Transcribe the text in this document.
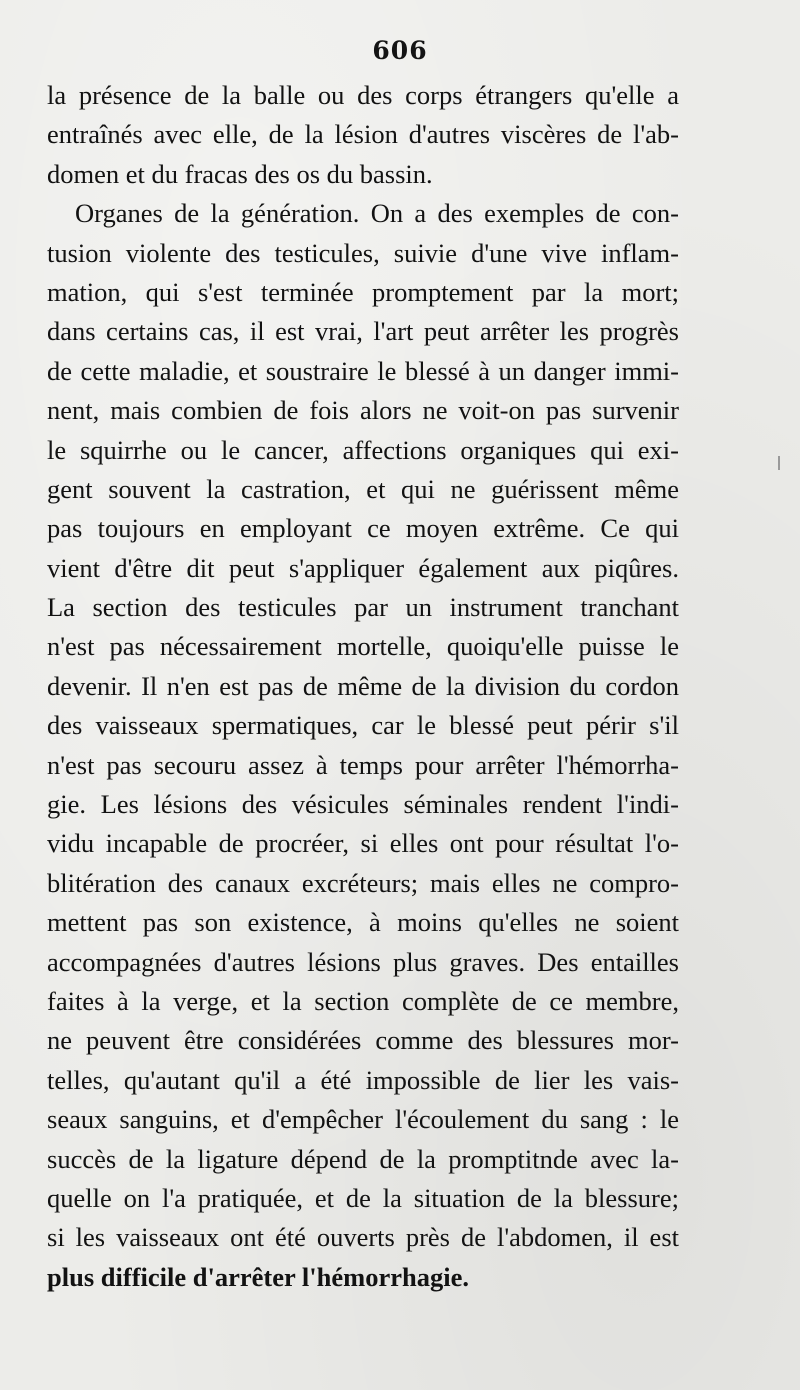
606
la présence de la balle ou des corps étrangers qu'elle a
entraînés avec elle, de la lésion d'autres viscères de l'ab-
domen et du fracas des os du bassin.
Organes de la génération. On a des exemples de con-
tusion violente des testicules, suivie d'une vive inflam-
mation, qui s'est terminée promptement par la mort;
dans certains cas, il est vrai, l'art peut arrêter les progrès
de cette maladie, et soustraire le blessé à un danger immi-
nent, mais combien de fois alors ne voit-on pas survenir
le squirrhe ou le cancer, affections organiques qui exi-
gent souvent la castration, et qui ne guérissent même
pas toujours en employant ce moyen extrême. Ce qui
vient d'être dit peut s'appliquer également aux piqûres.
La section des testicules par un instrument tranchant
n'est pas nécessairement mortelle, quoiqu'elle puisse le
devenir. Il n'en est pas de même de la division du cordon
des vaisseaux spermatiques, car le blessé peut périr s'il
n'est pas secouru assez à temps pour arrêter l'hémorrha-
gie. Les lésions des vésicules séminales rendent l'indi-
vidu incapable de procréer, si elles ont pour résultat l'o-
blitération des canaux excréteurs; mais elles ne compro-
mettent pas son existence, à moins qu'elles ne soient
accompagnées d'autres lésions plus graves. Des entailles
faites à la verge, et la section complète de ce membre,
ne peuvent être considérées comme des blessures mor-
telles, qu'autant qu'il a été impossible de lier les vais-
seaux sanguins, et d'empêcher l'écoulement du sang : le
succès de la ligature dépend de la promptitnde avec la-
quelle on l'a pratiquée, et de la situation de la blessure;
si les vaisseaux ont été ouverts près de l'abdomen, il est
plus difficile d'arrêter l'hémorrhagie.
